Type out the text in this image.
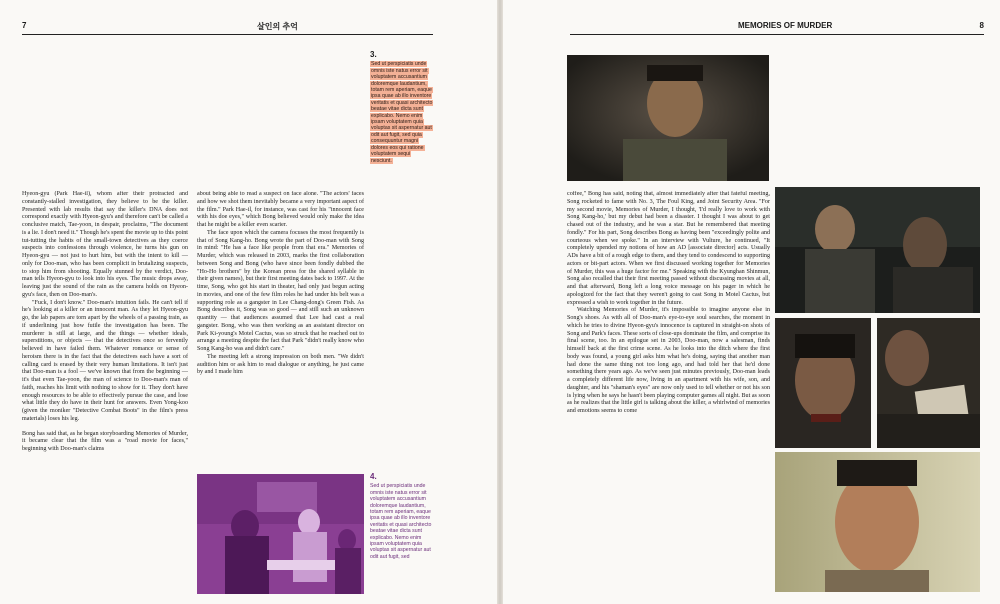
7	살인의 추억

Hyeon-gyu (Park Hae-il), whom after their protracted and constantly-stalled investigation, they believe to be the killer. Presented with lab results that say the killer's DNA does not correspond exactly with Hyeon-gyu's and therefore can't be called a conclusive match, Tae-yoon, in despair, proclaims, "The document is a lie. I don't need it." Though he's spent the movie up to this point tut-tutting the habits of the small-town detectives as they coerce suspects into confessions through violence, he turns his gun on Hyeon-gyu — not just to hurt him, but with the intent to kill — only for Doo-man, who has been complicit in brutalizing suspects, to stop him from shooting. Equally stunned by the verdict, Doo-man tells Hyeon-gyu to look into his eyes. The music drops away, leaving just the sound of the rain as the camera holds on Hyeon-gyu's face, then on Doo-man's.

"Fuck, I don't know." Doo-man's intuition fails. He can't tell if he's looking at a killer or an innocent man. As they let Hyeon-gyu go, the lab papers are torn apart by the wheels of a passing train, as if underlining just how futile the investigation has been. The murderer is still at large, and the things — whether ideals, superstitions, or objects — that the detectives once so fervently believed in have failed them. Whatever romance or sense of heroism there is in the fact that the detectives each have a sort of calling card is erased by their very human limitations. It isn't just that Doo-man is a fool — we've known that from the beginning — it's that even Tae-yoon, the man of science to Doo-man's man of faith, reaches his limit with nothing to show for it. They don't have enough resources to be able to effectively pursue the case, and lose what little they do have in their hunt for answers. Even Yong-koo (given the moniker "Detective Combat Boots" in the film's press materials) loses his leg.

Bong has said that, as he began storyboarding Memories of Murder, it became clear that the film was a "road movie for faces," beginning with Doo-man's claims

about being able to read a suspect on face alone. "The actors' faces and how we shot them inevitably became a very important aspect of the film." Park Hae-il, for instance, was cast for his "innocent face with his doe eyes," which Bong believed would only make the idea that he might be a killer even scarier.

The face upon which the camera focuses the most frequently is that of Song Kang-ho. Bong wrote the part of Doo-man with Song in mind: "He has a face like people from that era." Memories of Murder, which was released in 2003, marks the first collaboration between Song and Bong (who have since been fondly dubbed the "Ho-Ho brothers" by the Korean press for the shared syllable in their given names), but their first meeting dates back to 1997. At the time, Song, who got his start in theater, had only just begun acting in movies, and one of the few film roles he had under his belt was a supporting role as a gangster in Lee Chang-dong's Green Fish. As Bong describes it, Song was so good — and still such an unknown quantity — that audiences assumed that Lee had cast a real gangster. Bong, who was then working as an assistant director on Park Ki-young's Motel Cactus, was so struck that he reached out to arrange a meeting despite the fact that Park "didn't really know who Song Kang-ho was and didn't care."

The meeting left a strong impression on both men. "We didn't audition him or ask him to read dialogue or anything, he just came by and I made him

3.
Sed ut perspiciatis unde omnis iste natus error sit voluptatem accusantium doloremque laudantium, totam rem aperiam, eaque ipsa quae ab illo inventore veritatis et quasi architecto beatae vitae dicta sunt explicabo. Nemo enim ipsam voluptatem quia voluptas sit aspernatur aut odit aut fugit, sed quia consequuntur magni dolores eos qui ratione voluptatem sequi nesciunt.
4.
Sed ut perspiciatis unde omnis iste natus error sit voluptatem accusantium doloremque laudantium, totam rem aperiam, eaque ipsa quae ab illo inventore veritatis et quasi architecto beatae vitae dicta sunt explicabo. Nemo enim ipsam voluptatem quia voluptas sit aspernatur aut odit aut fugit, sed
MEMORIES OF MURDER	8

coffee," Bong has said, noting that, almost immediately after that fateful meeting, Song rocketed to fame with No. 3, The Foul King, and Joint Security Area. "For my second movie, Memories of Murder, I thought, 'I'd really love to work with Song Kang-ho,' but my debut had been a disaster. I thought I was about to get chased out of the industry, and he was a star. But he remembered that meeting fondly." For his part, Song describes Bong as having been "exceedingly polite and courteous when we spoke." In an interview with Vulture, he continued, "It completely upended my notions of how an AD [associate director] acts. Usually ADs have a bit of a rough edge to them, and they tend to condescend to supporting actors or bit-part actors. When we first discussed working together for Memories of Murder, this was a huge factor for me." Speaking with the Kyunghan Shinmun, Song also recalled that their first meeting passed without discussing movies at all, and that afterward, Bong left a long voice message on his pager in which he apologized for the fact that they weren't going to cast Song in Motel Cactus, but expressed a wish to work together in the future.

Watching Memories of Murder, it's impossible to imagine anyone else in Song's shoes. As with all of Doo-man's eye-to-eye soul searches, the moment in which he tries to divine Hyeon-gyu's innocence is captured in straight-on shots of Song and Park's faces. These sorts of close-ups dominate the film, and comprise its final scene, too. In an epilogue set in 2003, Doo-man, now a salesman, finds himself back at the first crime scene. As he looks into the ditch where the first body was found, a young girl asks him what he's doing, saying that another man had done the same thing not too long ago, and had told her that he'd done something there years ago. As we've seen just minutes previously, Doo-man leads a completely different life now, living in an apartment with his wife, son, and daughter, and his "shaman's eyes" are now only used to tell whether or not his son is lying when he says he hasn't been playing computer games all night. But as soon as he realizes that the little girl is talking about the killer, a whirlwind of memories and emotions seems to come
